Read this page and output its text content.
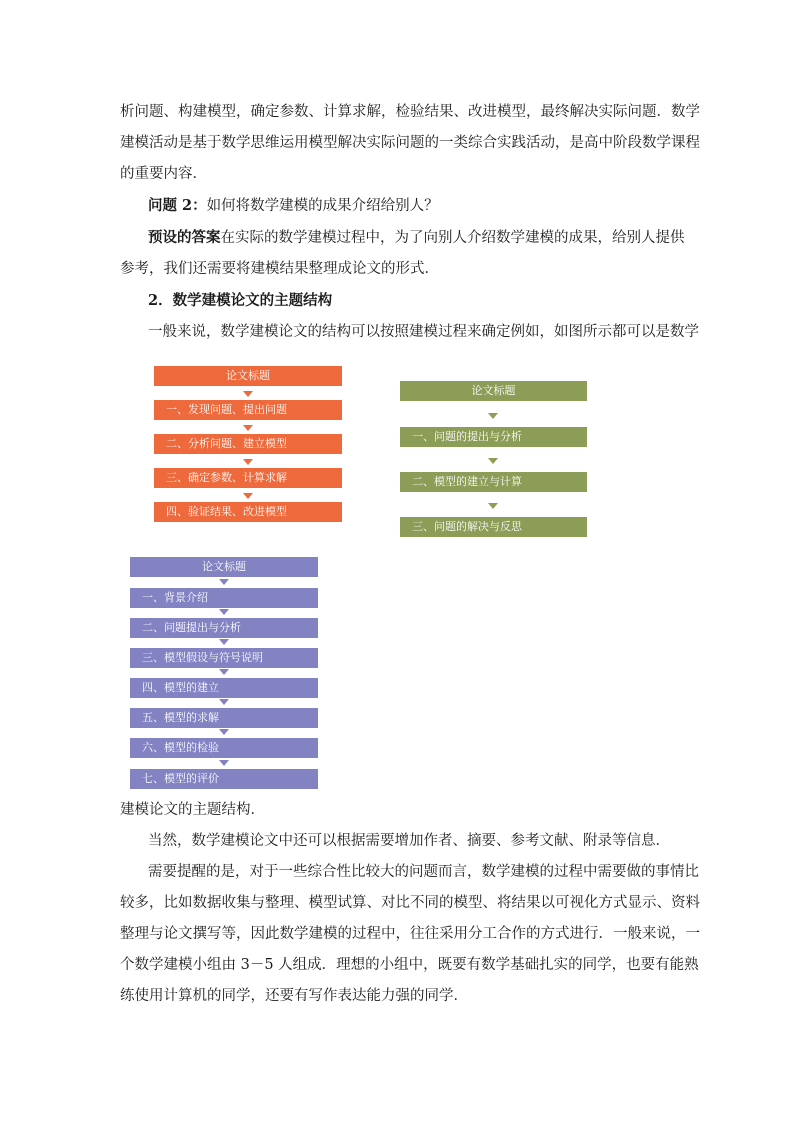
析问题、构建模型，确定参数、计算求解，检验结果、改进模型，最终解决实际问题．数学
建模活动是基于数学思维运用模型解决实际问题的一类综合实践活动，是高中阶段数学课程
的重要内容．
问题 2：如何将数学建模的成果介绍给别人？
预设的答案在实际的数学建模过程中，为了向别人介绍数学建模的成果，给别人提供
参考，我们还需要将建模结果整理成论文的形式．
2．数学建模论文的主题结构
一般来说，数学建模论文的结构可以按照建模过程来确定例如，如图所示都可以是数学
论文标题
一、发现问题、提出问题
二、分析问题、建立模型
三、确定参数、计算求解
四、验证结果、改进模型
论文标题
一、问题的提出与分析
二、模型的建立与计算
三、问题的解决与反思
论文标题
一、背景介绍
二、问题提出与分析
三、模型假设与符号说明
四、模型的建立
五、模型的求解
六、模型的检验
七、模型的评价
建模论文的主题结构．
当然，数学建模论文中还可以根据需要增加作者、摘要、参考文献、附录等信息．
需要提醒的是，对于一些综合性比较大的问题而言，数学建模的过程中需要做的事情比
较多，比如数据收集与整理、模型试算、对比不同的模型、将结果以可视化方式显示、资料
整理与论文撰写等，因此数学建模的过程中，往往采用分工合作的方式进行．一般来说，一
个数学建模小组由 3－5 人组成．理想的小组中，既要有数学基础扎实的同学，也要有能熟
练使用计算机的同学，还要有写作表达能力强的同学．
